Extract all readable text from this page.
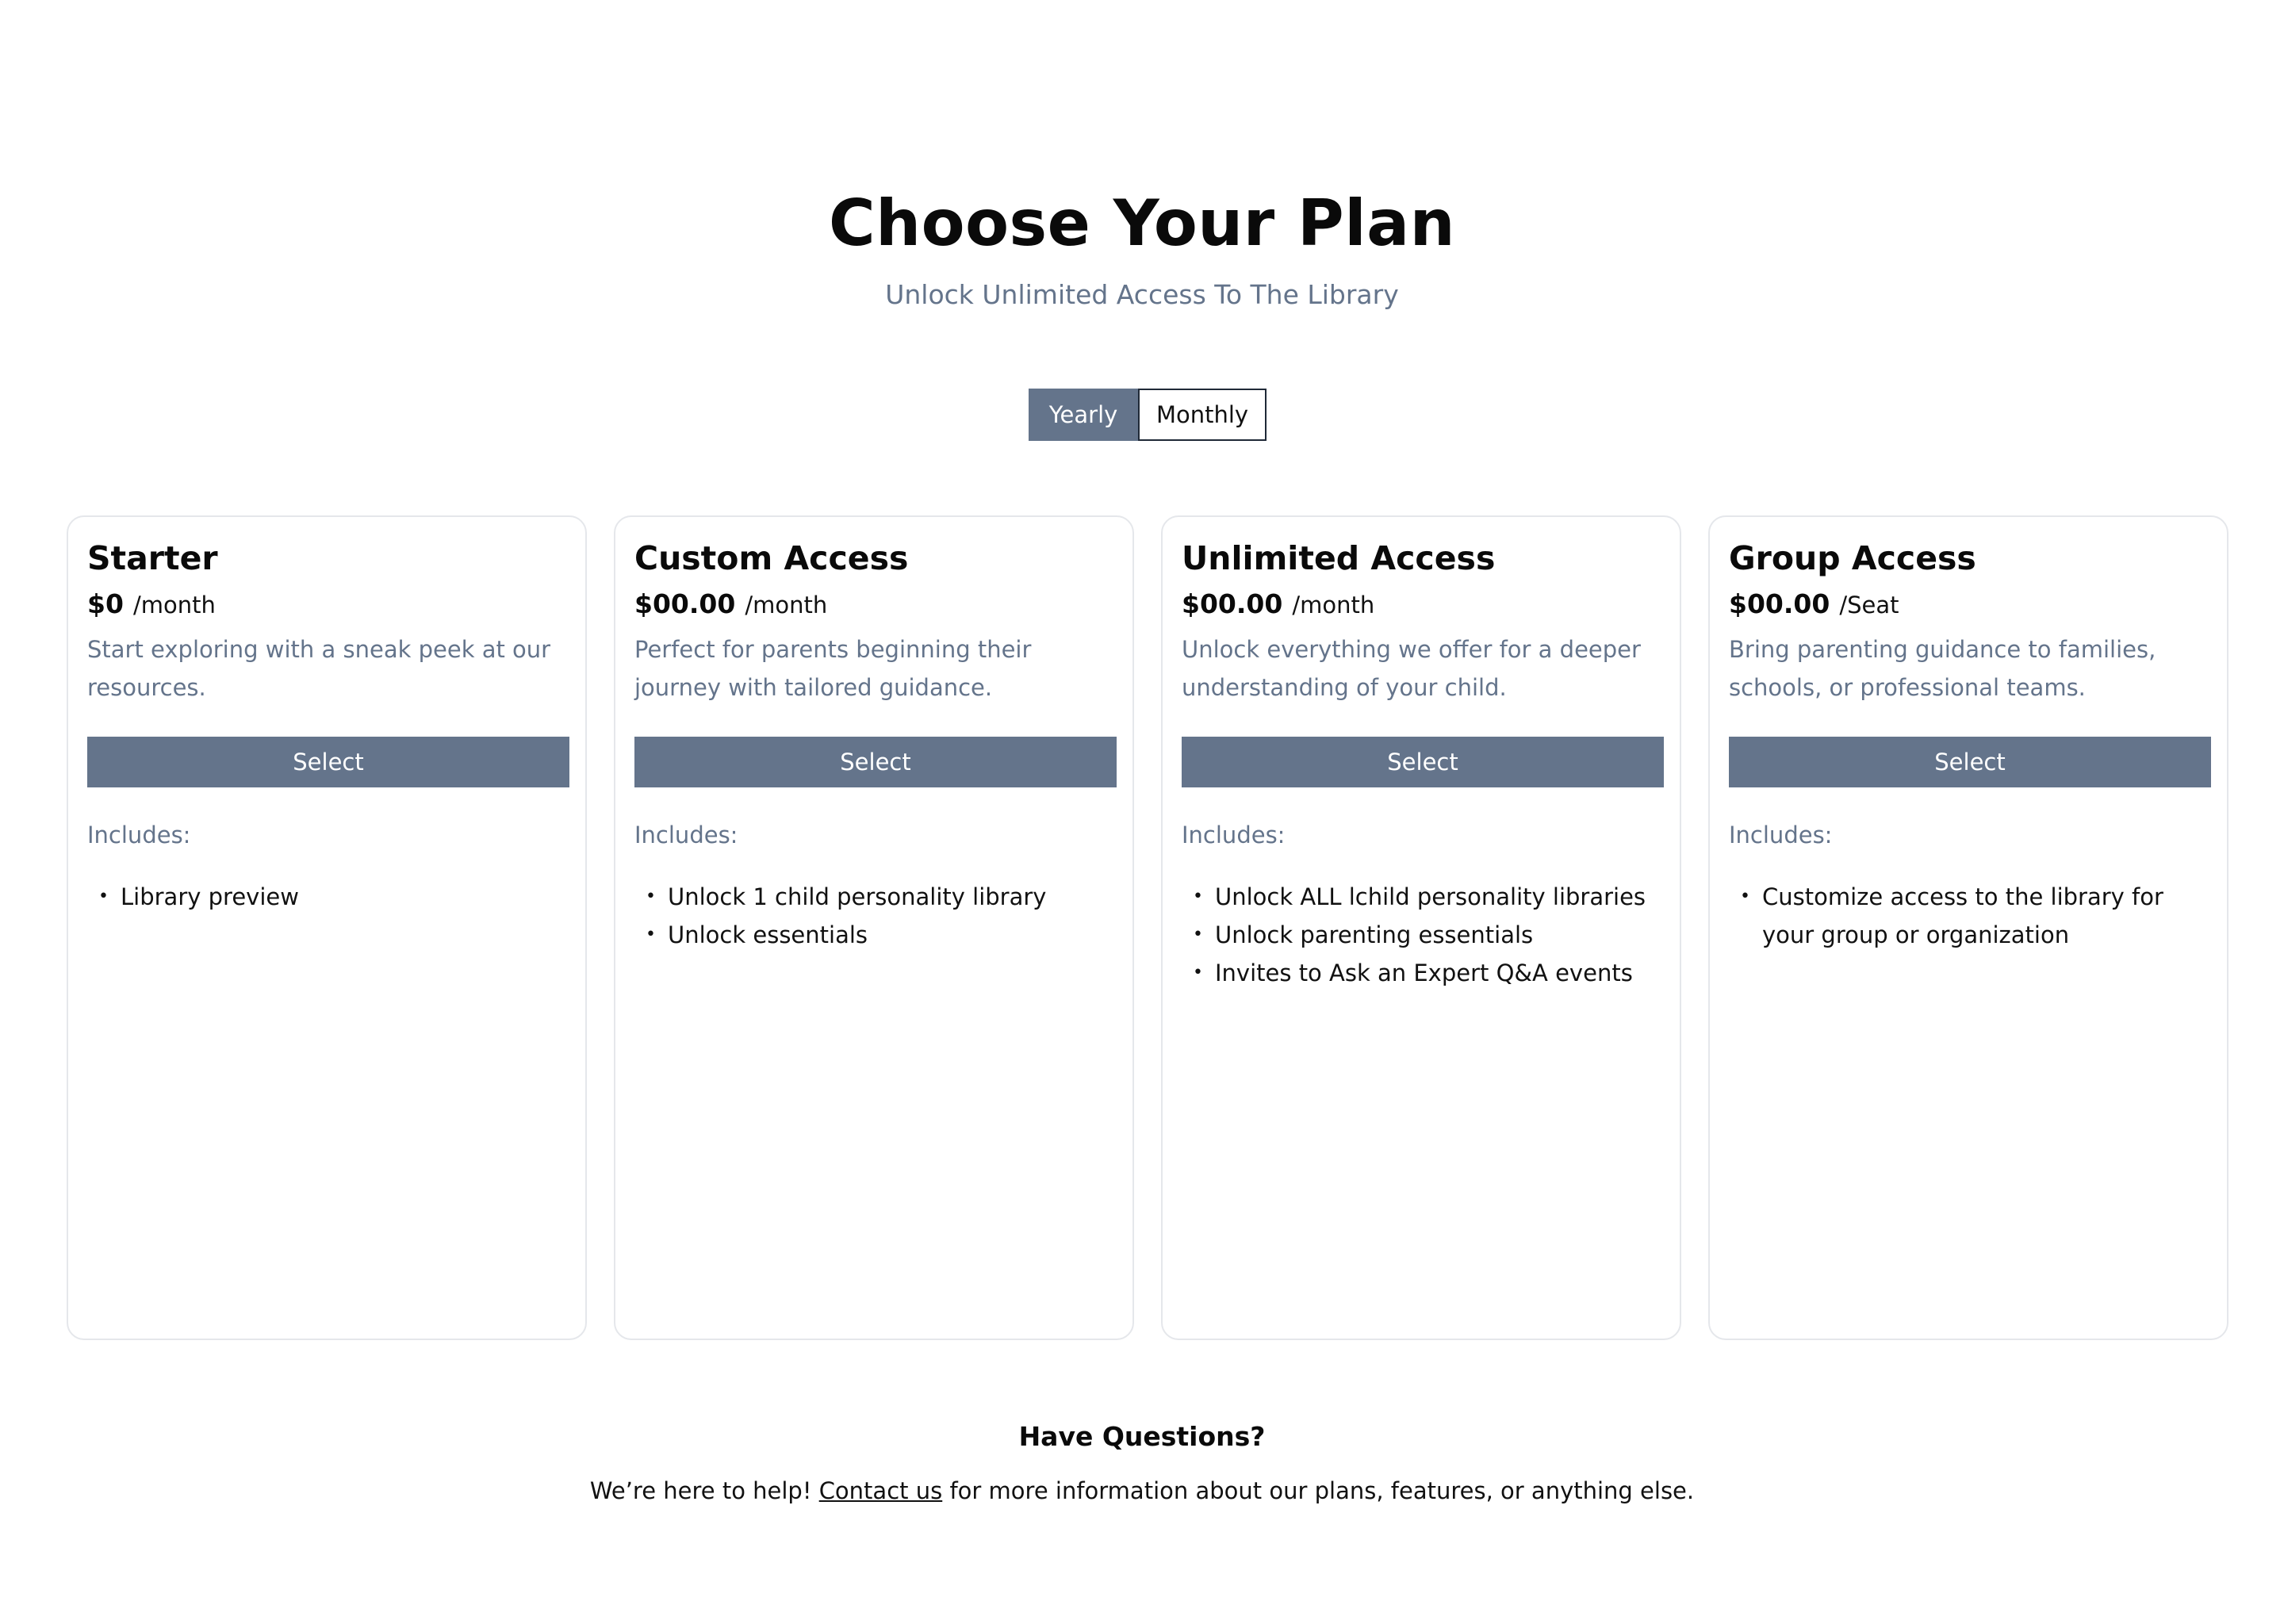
Choose Your Plan

Unlock Unlimited Access To The Library

Yearly	Monthly
Starter
$0 /month
Start exploring with a sneak peek at our resources.
Select
Includes:
• Library preview
Custom Access
$00.00 /month
Perfect for parents beginning their journey with tailored guidance.
Select
Includes:
• Unlock 1 child personality library
• Unlock essentials
Unlimited Access
$00.00 /month
Unlock everything we offer for a deeper understanding of your child.
Select
Includes:
• Unlock ALL lchild personality libraries
• Unlock parenting essentials
• Invites to Ask an Expert Q&A events
Group Access
$00.00 /Seat
Bring parenting guidance to families, schools, or professional teams.
Select
Includes:
• Customize access to the library for your group or organization
Have Questions?

We’re here to help! Contact us for more information about our plans, features, or anything else.
